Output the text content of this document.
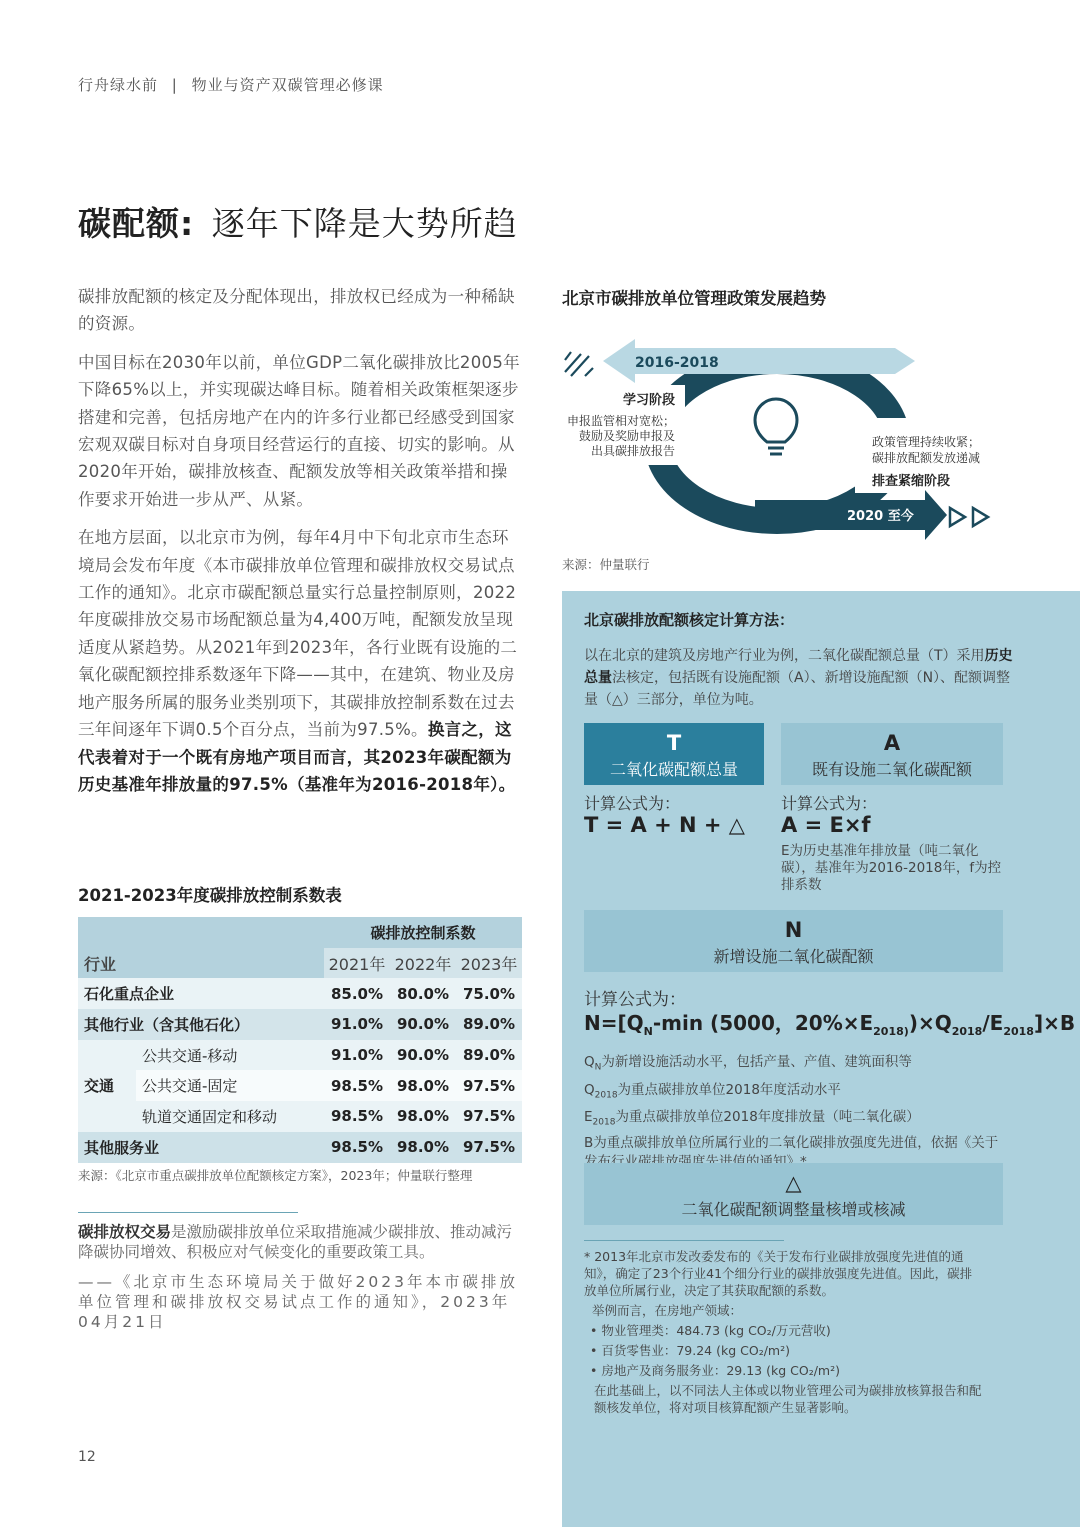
行舟绿水前 | 物业与资产双碳管理必修课
碳配额: 逐年下降是大势所趋

碳排放配额的核定及分配体现出，排放权已经成为一种稀缺的资源。

中国目标在2030年以前，单位GDP二氧化碳排放比2005年下降65%以上，并实现碳达峰目标。随着相关政策框架逐步搭建和完善，包括房地产在内的许多行业都已经感受到国家宏观双碳目标对自身项目经营运行的直接、切实的影响。从2020年开始，碳排放核查、配额发放等相关政策举措和操作要求开始进一步从严、从紧。

在地方层面，以北京市为例，每年4月中下旬北京市生态环境局会发布年度《本市碳排放单位管理和碳排放权交易试点工作的通知》。北京市碳配额总量实行总量控制原则，2022年度碳排放交易市场配额总量为4,400万吨，配额发放呈现适度从紧趋势。从2021年到2023年，各行业既有设施的二氧化碳配额控排系数逐年下降——其中，在建筑、物业及房地产服务所属的服务业类别项下，其碳排放控制系数在过去三年间逐年下调0.5个百分点，当前为97.5%。换言之，这代表着对于一个既有房地产项目而言，其2023年碳配额为历史基准年排放量的97.5%（基准年为2016-2018年）。

2021-2023年度碳排放控制系数表
		碳排放控制系数		
行业		2021年	2022年	2023年
石化重点企业		85.0%	80.0%	75.0%
其他行业（含其他石化）		91.0%	90.0%	89.0%
交通	公共交通-移动	91.0%	90.0%	89.0%
	公共交通-固定	98.5%	98.0%	97.5%
	轨道交通固定和移动	98.5%	98.0%	97.5%
其他服务业		98.5%	98.0%	97.5%
来源：《北京市重点碳排放单位配额核定方案》，2023年；仲量联行整理
碳排放权交易是激励碳排放单位采取措施减少碳排放、推动减污降碳协同增效、积极应对气候变化的重要政策工具。
——《北京市生态环境局关于做好2023年本市碳排放单位管理和碳排放权交易试点工作的通知》，2023年04月21日
12
北京市碳排放单位管理政策发展趋势
2016-2018
学习阶段
申报监管相对宽松；
鼓励及奖励申报及
出具碳排放报告
政策管理持续收紧；
碳排放配额发放递减
排查紧缩阶段
2020 至今
来源：仲量联行
北京碳排放配额核定计算方法：
以在北京的建筑及房地产行业为例，二氧化碳配额总量（T）采用历史总量法核定，包括既有设施配额（A）、新增设施配额（N）、配额调整量（△）三部分，单位为吨。
T
二氧化碳配额总量
A
既有设施二氧化碳配额
计算公式为：
T = A + N + △
计算公式为：
A = E×f
E为历史基准年排放量（吨二氧化碳），基准年为2016-2018年，f为控排系数
N
新增设施二氧化碳配额
计算公式为：
$N=[Q_N-\min$ (5000，$20\%\times E_{2018)})\times Q_{2018}/E_{2018}]\times B$
$Q_N$为新增设施活动水平，包括产量、产值、建筑面积等
$Q_{2018}$为重点碳排放单位2018年度活动水平
$E_{2018}$为重点碳排放单位2018年度排放量（吨二氧化碳）
B为重点碳排放单位所属行业的二氧化碳排放强度先进值，依据《关于
△
二氧化碳配额调整量核增或核减

* 2013年北京市发改委发布的《关于发布行业碳排放强度先进值的通知》，确定了23个行业41个细分行业的碳排放强度先进值。因此，碳排放单位所属行业，决定了其获取配额的系数。

举例而言，在房地产领域：

• 物业管理类：484.73 (kg CO₂/万元营收)

• 百货零售业：79.24 (kg CO₂/m²)

• 房地产及商务服务业：29.13 (kg CO₂/m²)

在此基础上，以不同法人主体或以物业管理公司为碳排放核算报告和配额核发单位，将对项目核算配额产生显著影响。
